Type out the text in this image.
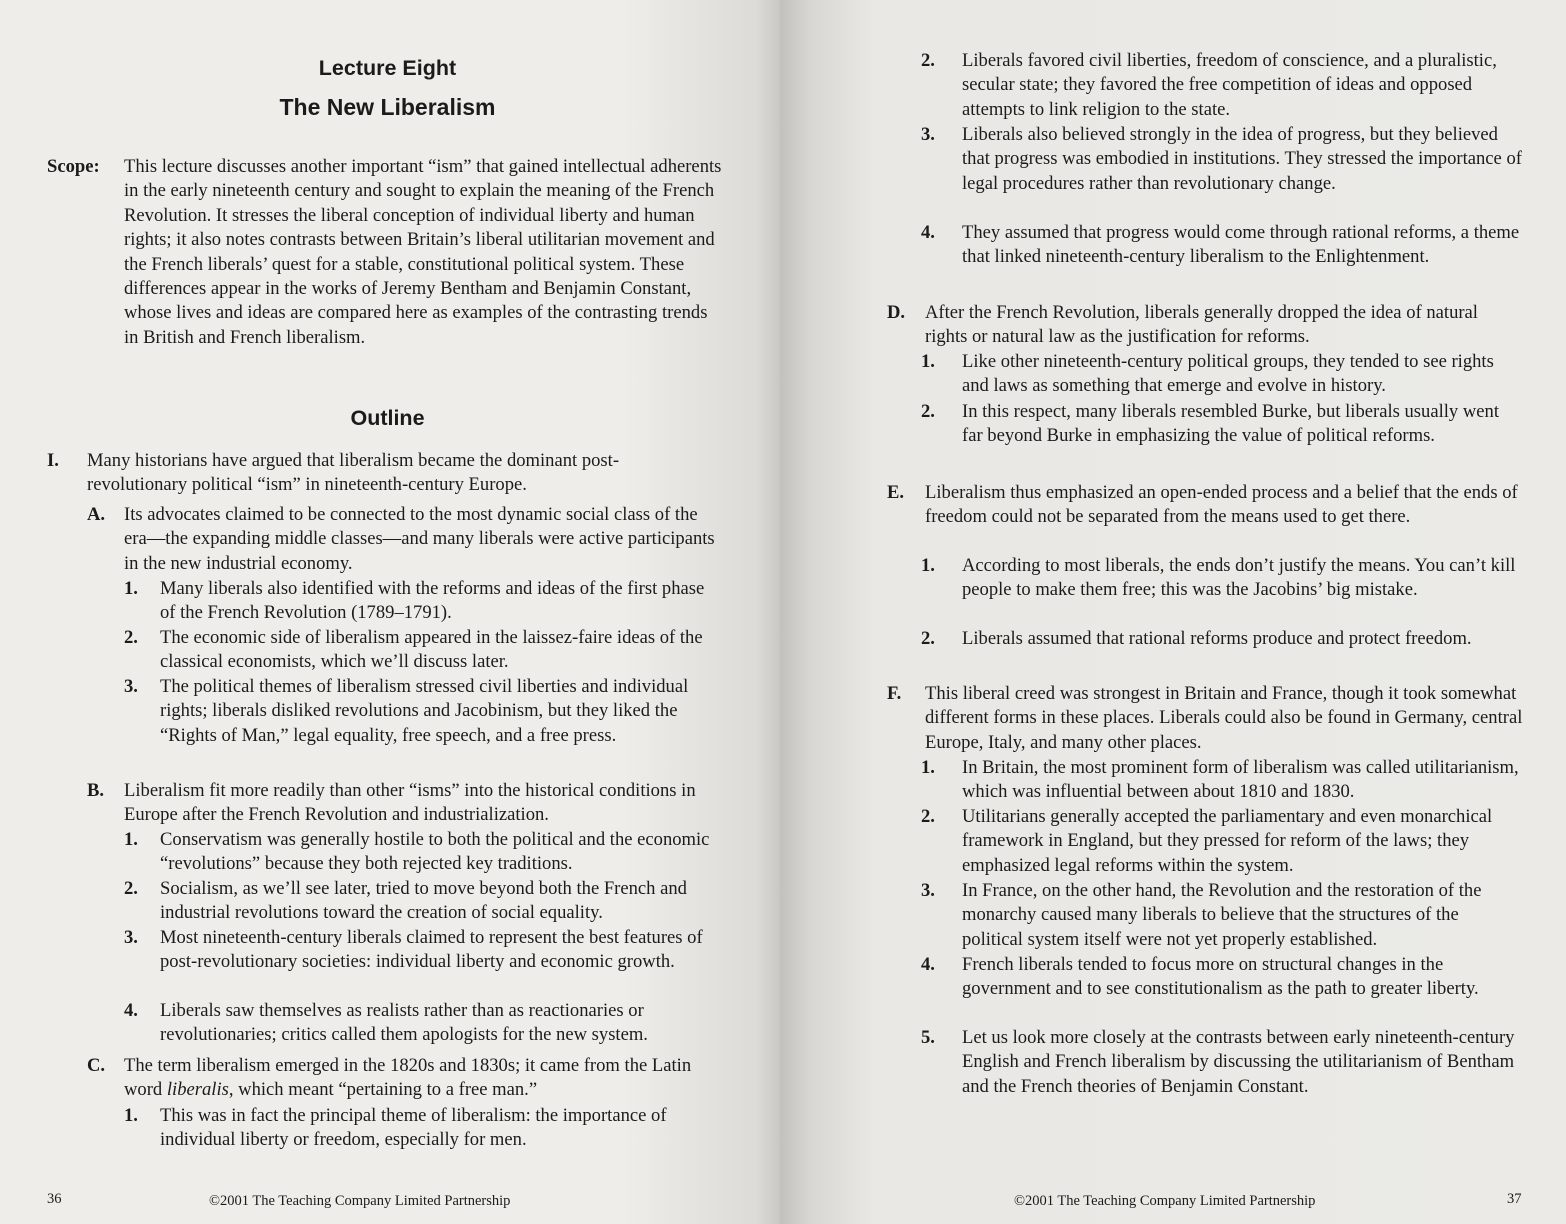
Lecture Eight
The New Liberalism
Scope: This lecture discusses another important “ism” that gained intellectual adherents in the early nineteenth century and sought to explain the meaning of the French Revolution. It stresses the liberal conception of individual liberty and human rights; it also notes contrasts between Britain’s liberal utilitarian movement and the French liberals’ quest for a stable, constitutional political system. These differences appear in the works of Jeremy Bentham and Benjamin Constant, whose lives and ideas are compared here as examples of the contrasting trends in British and French liberalism.
Outline
I. Many historians have argued that liberalism became the dominant post-revolutionary political “ism” in nineteenth-century Europe.
A. Its advocates claimed to be connected to the most dynamic social class of the era—the expanding middle classes—and many liberals were active participants in the new industrial economy.
1. Many liberals also identified with the reforms and ideas of the first phase of the French Revolution (1789–1791).
2. The economic side of liberalism appeared in the laissez-faire ideas of the classical economists, which we’ll discuss later.
3. The political themes of liberalism stressed civil liberties and individual rights; liberals disliked revolutions and Jacobinism, but they liked the “Rights of Man,” legal equality, free speech, and a free press.
B. Liberalism fit more readily than other “isms” into the historical conditions in Europe after the French Revolution and industrialization.
1. Conservatism was generally hostile to both the political and the economic “revolutions” because they both rejected key traditions.
2. Socialism, as we’ll see later, tried to move beyond both the French and industrial revolutions toward the creation of social equality.
3. Most nineteenth-century liberals claimed to represent the best features of post-revolutionary societies: individual liberty and economic growth.
4. Liberals saw themselves as realists rather than as reactionaries or revolutionaries; critics called them apologists for the new system.
C. The term liberalism emerged in the 1820s and 1830s; it came from the Latin word liberalis, which meant “pertaining to a free man.”
1. This was in fact the principal theme of liberalism: the importance of individual liberty or freedom, especially for men.
36	©2001 The Teaching Company Limited Partnership
2. Liberals favored civil liberties, freedom of conscience, and a pluralistic, secular state; they favored the free competition of ideas and opposed attempts to link religion to the state.
3. Liberals also believed strongly in the idea of progress, but they believed that progress was embodied in institutions. They stressed the importance of legal procedures rather than revolutionary change.
4. They assumed that progress would come through rational reforms, a theme that linked nineteenth-century liberalism to the Enlightenment.
D. After the French Revolution, liberals generally dropped the idea of natural rights or natural law as the justification for reforms.
1. Like other nineteenth-century political groups, they tended to see rights and laws as something that emerge and evolve in history.
2. In this respect, many liberals resembled Burke, but liberals usually went far beyond Burke in emphasizing the value of political reforms.
E. Liberalism thus emphasized an open-ended process and a belief that the ends of freedom could not be separated from the means used to get there.
1. According to most liberals, the ends don’t justify the means. You can’t kill people to make them free; this was the Jacobins’ big mistake.
2. Liberals assumed that rational reforms produce and protect freedom.
F. This liberal creed was strongest in Britain and France, though it took somewhat different forms in these places. Liberals could also be found in Germany, central Europe, Italy, and many other places.
1. In Britain, the most prominent form of liberalism was called utilitarianism, which was influential between about 1810 and 1830.
2. Utilitarians generally accepted the parliamentary and even monarchical framework in England, but they pressed for reform of the laws; they emphasized legal reforms within the system.
3. In France, on the other hand, the Revolution and the restoration of the monarchy caused many liberals to believe that the structures of the political system itself were not yet properly established.
4. French liberals tended to focus more on structural changes in the government and to see constitutionalism as the path to greater liberty.
5. Let us look more closely at the contrasts between early nineteenth-century English and French liberalism by discussing the utilitarianism of Bentham and the French theories of Benjamin Constant.
©2001 The Teaching Company Limited Partnership	37
